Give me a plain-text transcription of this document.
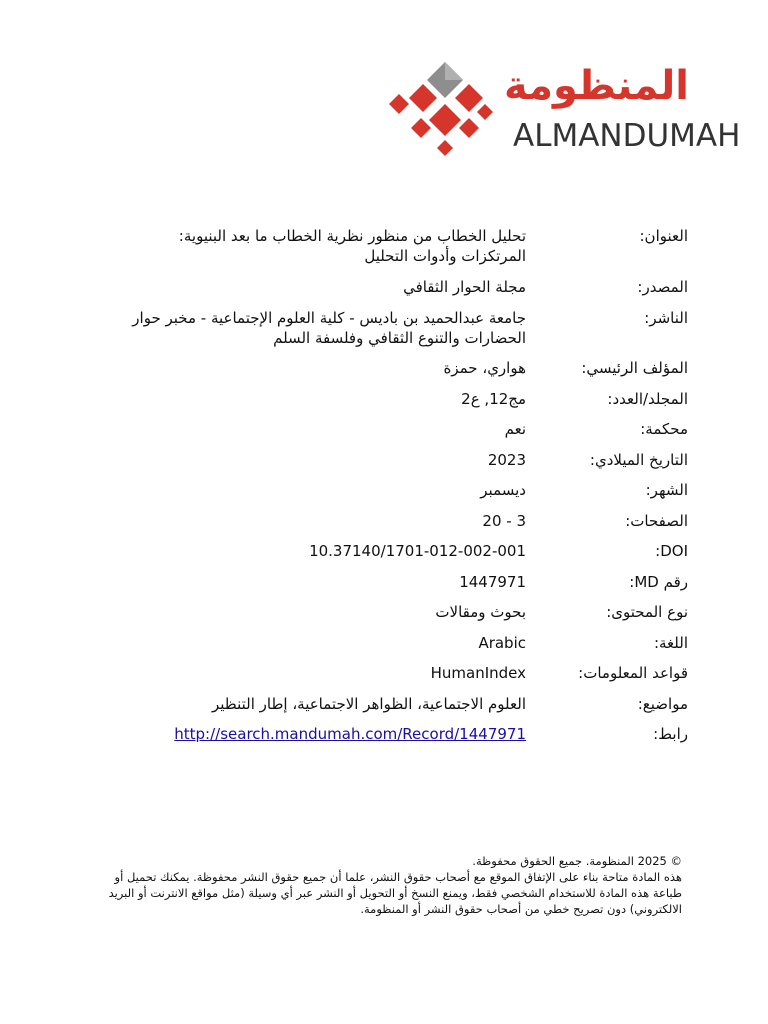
المنظومة
ALMANDUMAH
العنوان:
تحليل الخطاب من منظور نظرية الخطاب ما بعد البنيوية: المرتكزات وأدوات التحليل
المصدر:
مجلة الحوار الثقافي
الناشر:
جامعة عبدالحميد بن باديس - كلية العلوم الإجتماعية - مخبر حوار الحضارات والتنوع الثقافي وفلسفة السلم
المؤلف الرئيسي:
هواري، حمزة
المجلد/العدد:
مج12, ع2
محكمة:
نعم
التاريخ الميلادي:
2023
الشهر:
ديسمبر
الصفحات:
3 - 20
DOI:
10.37140/1701-012-002-001
رقم MD:
1447971
نوع المحتوى:
بحوث ومقالات
اللغة:
Arabic
قواعد المعلومات:
HumanIndex
مواضيع:
العلوم الاجتماعية، الظواهر الاجتماعية، إطار التنظير
رابط:
http://search.mandumah.com/Record/1447971

© 2025 المنظومة. جميع الحقوق محفوظة.

هذه المادة متاحة بناء على الإتفاق الموقع مع أصحاب حقوق النشر، علما أن جميع حقوق النشر محفوظة. يمكنك تحميل أو طباعة هذه المادة للاستخدام الشخصي فقط، ويمنع النسخ أو التحويل أو النشر عبر أي وسيلة (مثل مواقع الانترنت أو البريد الالكتروني) دون تصريح خطي من أصحاب حقوق النشر أو المنظومة.
